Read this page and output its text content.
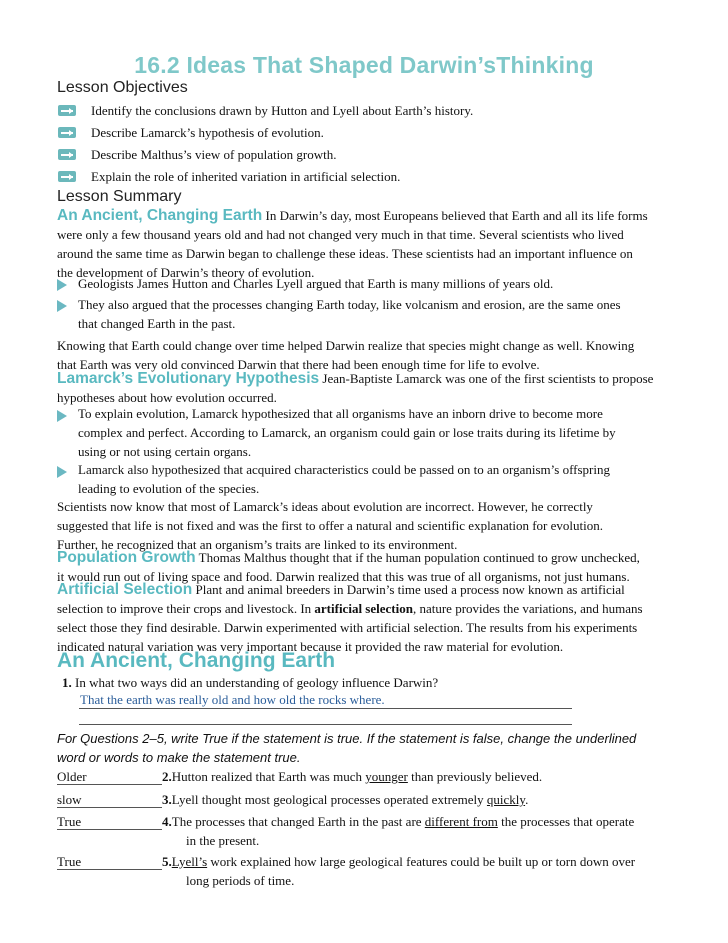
16.2 Ideas That Shaped Darwin’sThinking
Lesson Objectives
Identify the conclusions drawn by Hutton and Lyell about Earth’s history.
Describe Lamarck’s hypothesis of evolution.
Describe Malthus’s view of population growth.
Explain the role of inherited variation in artificial selection.
Lesson Summary
An Ancient, Changing Earth In Darwin’s day, most Europeans believed that Earth and all its life forms
were only a few thousand years old and had not changed very much in that time. Several scientists who lived
around the same time as Darwin began to challenge these ideas. These scientists had an important influence on
the development of Darwin’s theory of evolution.
Geologists James Hutton and Charles Lyell argued that Earth is many millions of years old.
They also argued that the processes changing Earth today, like volcanism and erosion, are the same ones
that changed Earth in the past.
Knowing that Earth could change over time helped Darwin realize that species might change as well. Knowing
that Earth was very old convinced Darwin that there had been enough time for life to evolve.
Lamarck’s Evolutionary Hypothesis Jean-Baptiste Lamarck was one of the first scientists to propose
hypotheses about how evolution occurred.
To explain evolution, Lamarck hypothesized that all organisms have an inborn drive to become more
complex and perfect. According to Lamarck, an organism could gain or lose traits during its lifetime by
using or not using certain organs.
Lamarck also hypothesized that acquired characteristics could be passed on to an organism’s offspring
leading to evolution of the species.
Scientists now know that most of Lamarck’s ideas about evolution are incorrect. However, he correctly
suggested that life is not fixed and was the first to offer a natural and scientific explanation for evolution.
Further, he recognized that an organism’s traits are linked to its environment.
Population Growth Thomas Malthus thought that if the human population continued to grow unchecked,
it would run out of living space and food. Darwin realized that this was true of all organisms, not just humans.
Artificial Selection Plant and animal breeders in Darwin’s time used a process now known as artificial
selection to improve their crops and livestock. In artificial selection, nature provides the variations, and humans
select those they find desirable. Darwin experimented with artificial selection. The results from his experiments
indicated natural variation was very important because it provided the raw material for evolution.
An Ancient, Changing Earth
1. In what two ways did an understanding of geology influence Darwin?
That the earth was really old and how old the rocks where.
For Questions 2–5, write True if the statement is true. If the statement is false, change the underlined
word or words to make the statement true.
Older	2.Hutton realized that Earth was much younger than previously believed.
slow	3.Lyell thought most geological processes operated extremely quickly.
True	4.The processes that changed Earth in the past are different from the processes that operate
in the present.
True	5.Lyell’s work explained how large geological features could be built up or torn down over
long periods of time.
